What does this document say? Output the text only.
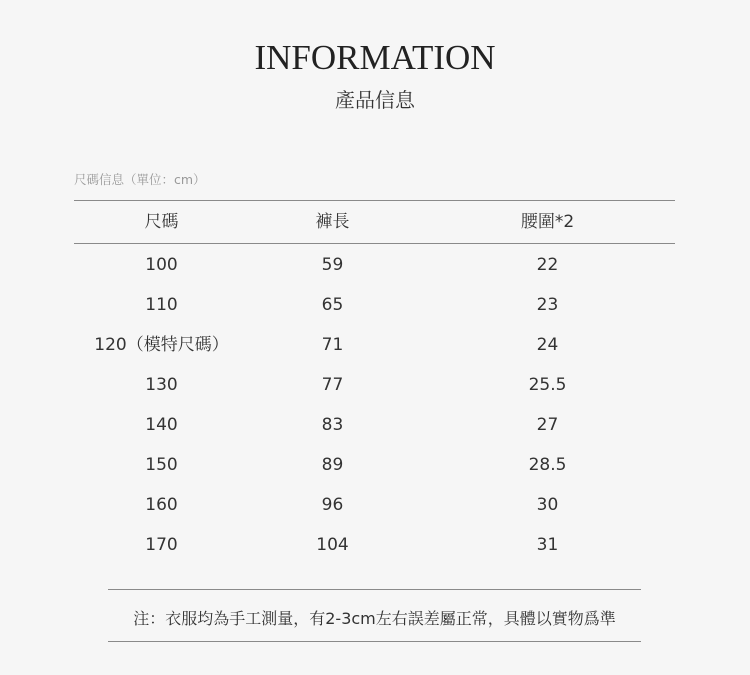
INFORMATION
產品信息
尺碼信息（單位：cm）
尺碼	褲長	腰圍*2
100	59	22
110	65	23
120（模特尺碼）	71	24
130	77	25.5
140	83	27
150	89	28.5
160	96	30
170	104	31
注：衣服均為手工測量，有2-3cm左右誤差屬正常，具體以實物爲準
